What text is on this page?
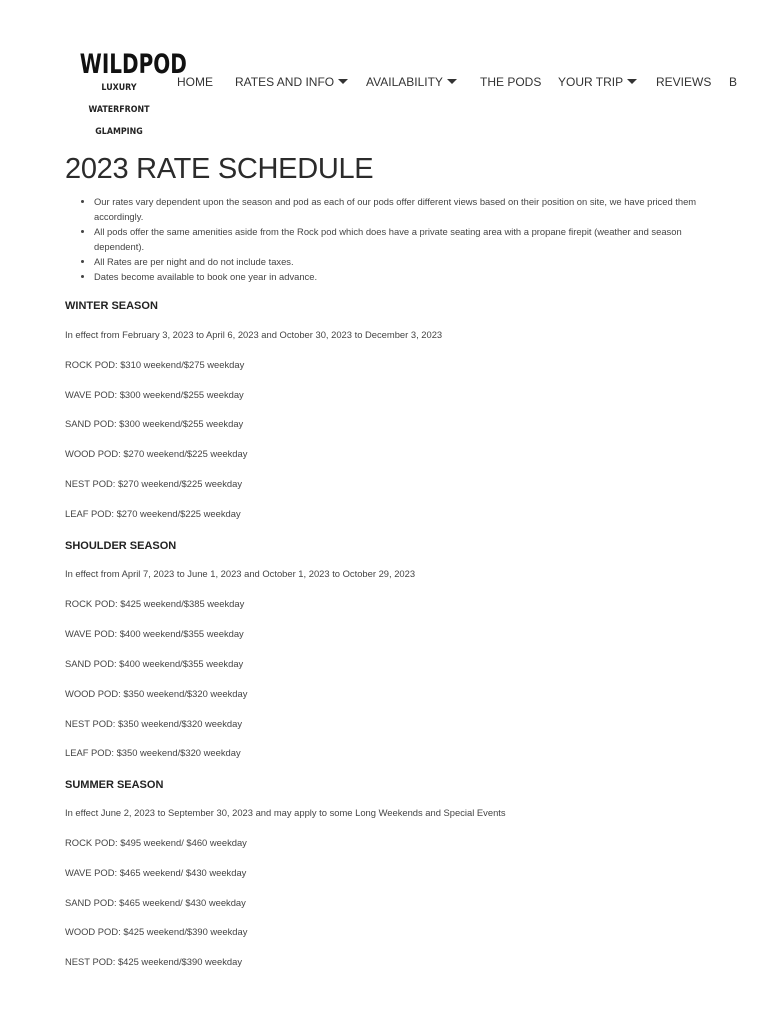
WILDPOD
LUXURY WATERFRONT
GLAMPING
HOME RATES AND INFO	AVAILABILITY	THE PODS YOUR TRIP	REVIEWS B
2023 RATE SCHEDULE
• Our rates vary dependent upon the season and pod as each of our pods offer different views based on their position on site, we have priced them accordingly.
• All pods offer the same amenities aside from the Rock pod which does have a private seating area with a propane firepit (weather and season dependent).
• All Rates are per night and do not include taxes.
• Dates become available to book one year in advance.
WINTER SEASON
In effect from February 3, 2023 to April 6, 2023 and October 30, 2023 to December 3, 2023
ROCK POD: $310 weekend/$275 weekday
WAVE POD: $300 weekend/$255 weekday
SAND POD: $300 weekend/$255 weekday
WOOD POD: $270 weekend/$225 weekday
NEST POD: $270 weekend/$225 weekday
LEAF POD: $270 weekend/$225 weekday
SHOULDER SEASON
In effect from April 7, 2023 to June 1, 2023 and October 1, 2023 to October 29, 2023
ROCK POD: $425 weekend/$385 weekday
WAVE POD: $400 weekend/$355 weekday
SAND POD: $400 weekend/$355 weekday
WOOD POD: $350 weekend/$320 weekday
NEST POD: $350 weekend/$320 weekday
LEAF POD: $350 weekend/$320 weekday
SUMMER SEASON
In effect June 2, 2023 to September 30, 2023 and may apply to some Long Weekends and Special Events
ROCK POD: $495 weekend/ $460 weekday
WAVE POD: $465 weekend/ $430 weekday
SAND POD: $465 weekend/ $430 weekday
WOOD POD: $425 weekend/$390 weekday
NEST POD: $425 weekend/$390 weekday
